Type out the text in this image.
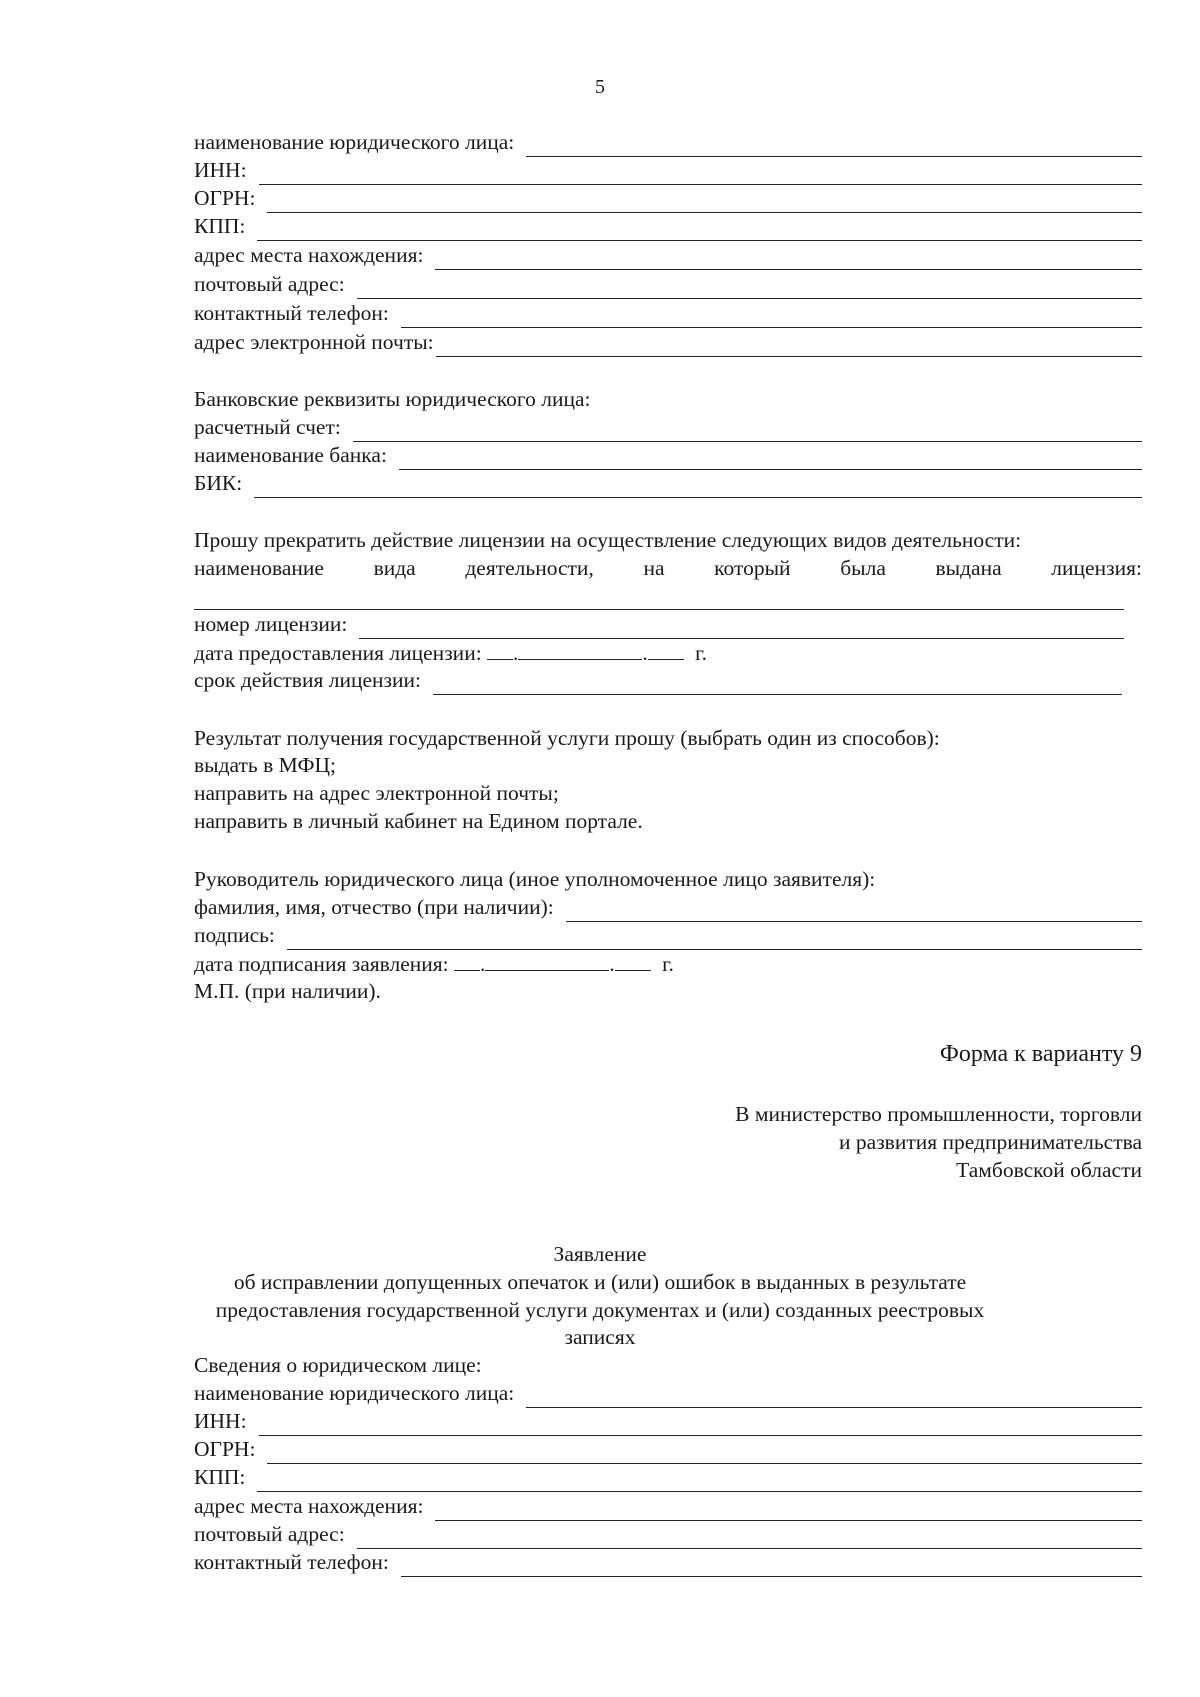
5
наименование юридического лица:
ИНН:
ОГРН:
КПП:
адрес места нахождения:
почтовый адрес:
контактный телефон:
адрес электронной почты:
Банковские реквизиты юридического лица:
расчетный счет:
наименование банка:
БИК:
Прошу прекратить действие лицензии на осуществление следующих видов деятельности:
наименование вида деятельности, на который была выдана лицензия:
номер лицензии:
дата предоставления лицензии: .	. г.
срок действия лицензии:
Результат получения государственной услуги прошу (выбрать один из способов):
выдать в МФЦ;
направить на адрес электронной почты;
направить в личный кабинет на Едином портале.
Руководитель юридического лица (иное уполномоченное лицо заявителя):
фамилия, имя, отчество (при наличии):
подпись:
дата подписания заявления: .	. г.
М.П. (при наличии).
Форма к варианту 9
В министерство промышленности, торговли
и развития предпринимательства
Тамбовской области
Заявление
об исправлении допущенных опечаток и (или) ошибок в выданных в результате
предоставления государственной услуги документах и (или) созданных реестровых
записях
Сведения о юридическом лице:
наименование юридического лица:
ИНН:
ОГРН:
КПП:
адрес места нахождения:
почтовый адрес:
контактный телефон:
